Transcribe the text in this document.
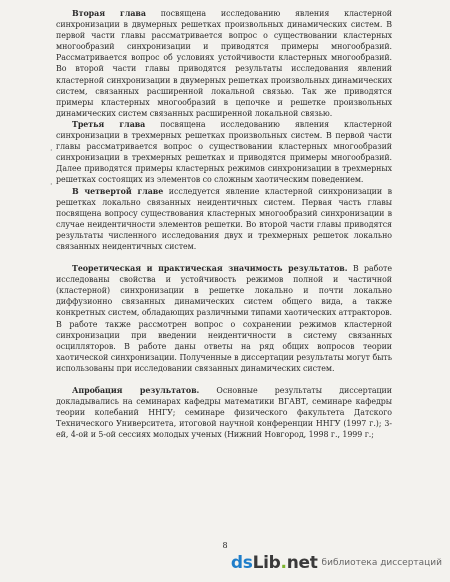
Вторая глава посвящена исследованию явления кластерной синхронизации в двумерных решетках произвольных динамических систем. В первой части главы рассматривается вопрос о существовании кластерных многообразий синхронизации и приводятся примеры многообразий. Рассматривается вопрос об условиях устойчивости кластерных многообразий. Во второй части главы приводятся результаты исследования явлений кластерной синхронизации в двумерных решетках произвольных динамических систем, связанных расширенной локальной связью. Так же приводятся примеры кластерных многообразий в цепочке и решетке произвольных динамических систем связанных расширенной локальной связью.

Третья глава посвящена исследованию явления кластерной синхронизации в трехмерных решетках произвольных систем. В первой части главы рассматривается вопрос о существовании кластерных многообразий синхронизации в трехмерных решетках и приводятся примеры многообразий. Далее приводятся примеры кластерных режимов синхронизации в трехмерных решетках состоящих из элементов со сложным хаотическим поведением.

В четвертой главе исследуется явление кластерной синхронизации в решетках локально связанных неидентичных систем. Первая часть главы посвящена вопросу существования кластерных многообразий синхронизации в случае неидентичности элементов решетки. Во второй части главы приводятся результаты численного исследования двух и трехмерных решеток локально связанных неидентичных систем.

Теоретическая и практическая значимость результатов. В работе исследованы свойства и устойчивость режимов полной и частичной (кластерной) синхронизации в решетке локально и почти локально диффузионно связанных динамических систем общего вида, а также конкретных систем, обладающих различными типами хаотических аттракторов. В работе также рассмотрен вопрос о сохранении режимов кластерной синхронизации при введении неидентичности в систему связанных осцилляторов. В работе даны ответы на ряд общих вопросов теории хаотической синхронизации. Полученные в диссертации результаты могут быть использованы при исследовании связанных динамических систем.

Апробация результатов. Основные результаты диссертации докладывались на семинарах кафедры математики ВГАВТ, семинаре кафедры теории колебаний ННГУ; семинаре физического факультета Датского Технического Университета, итоговой научной конференции ННГУ (1997 г.); 3-ей, 4-ой и 5-ой сессиях молодых ученых (Нижний Новгород, 1998 г., 1999 г.;

·
·
8
dsLib.net библиотека диссертаций
